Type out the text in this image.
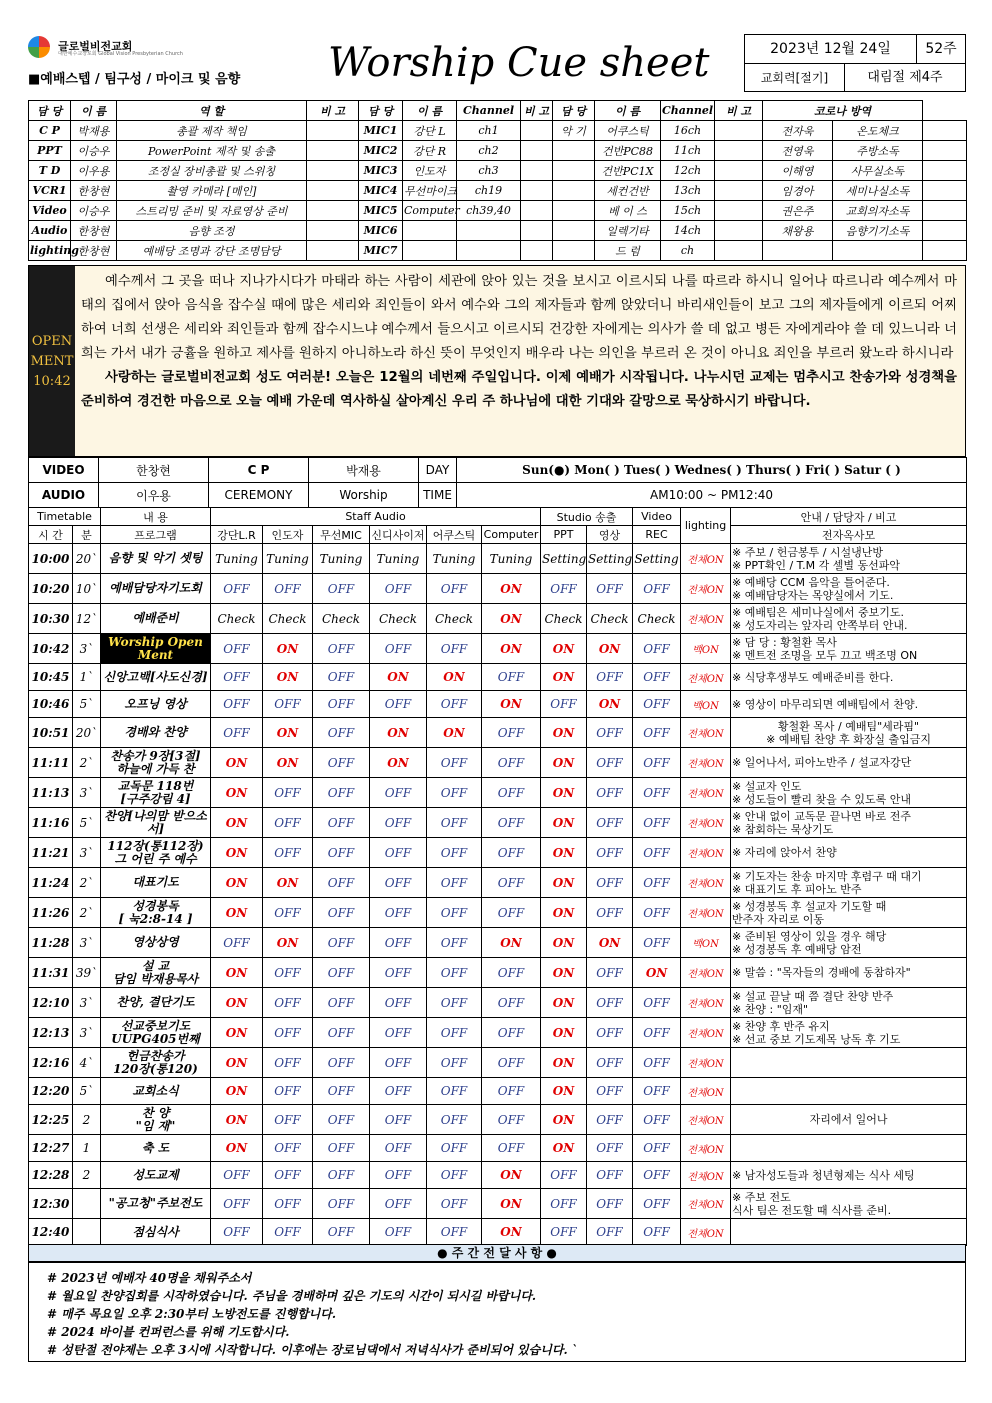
글로벌비전교회
대한예수교장로회 Global Vision Presbyterian Church
■예배스텝 / 팀구성 / 마이크 및 음향 Worship Cue sheet	2023년 12월 24일	52주
교회력[절기]	대림절 제4주
담 당	이 름	역 할	비 고	담 당	이 름	Channel	비 고	담 당	이 름	Channel	비 고	코로나 방역		
C P	박재용	총괄 제작 책임		MIC1	강단 L	ch1		악 기	어쿠스틱	16ch		전자욱	온도체크	
PPT	이승우	PowerPoint 제작 및 송출		MIC2	강단 R	ch2			건반PC88	11ch		전영욱	주방소독	
T D	이우용	조정실 장비총괄 및 스위칭		MIC3	인도자	ch3			건반PC1X	12ch		이해영	사무실소독	
VCR1	한창현	촬영 카메라 [메인]		MIC4	무선마이크	ch19			세컨건반	13ch		임경아	세미나실소독	
Video	이승우	스트리밍 준비 및 자료영상 준비		MIC5	Computer	ch39,40			베 이 스	15ch		권은주	교회의자소독	
Audio	한창현	음향 조정		MIC6					일렉기타	14ch		채왕용	음향기기소독	
lighting	한창현	예배당 조명과 강단 조명담당		MIC7					드 럼	ch				
OPEN
MENT
10:42

예수께서 그 곳을 떠나 지나가시다가 마태라 하는 사람이 세관에 앉아 있는 것을 보시고 이르시되 나를 따르라 하시니 일어나 따르니라 예수께서 마태의 집에서 앉아 음식을 잡수실 때에 많은 세리와 죄인들이 와서 예수와 그의 제자들과 함께 앉았더니 바리새인들이 보고 그의 제자들에게 이르되 어찌하여 너희 선생은 세리와 죄인들과 함께 잡수시느냐 예수께서 들으시고 이르시되 건강한 자에게는 의사가 쓸 데 없고 병든 자에게라야 쓸 데 있느니라 너희는 가서 내가 긍휼을 원하고 제사를 원하지 아니하노라 하신 뜻이 무엇인지 배우라 나는 의인을 부르러 온 것이 아니요 죄인을 부르러 왔노라 하시니라

사랑하는 글로벌비전교회 성도 여러분! 오늘은 12월의 네번째 주일입니다. 이제 예배가 시작됩니다. 나누시던 교제는 멈추시고 찬송가와 성경책을 준비하여 경건한 마음으로 오늘 예배 가운데 역사하실 살아계신 우리 주 하나님에 대한 기대와 갈망으로 묵상하시기 바랍니다.

VIDEO	한창현	C P	박재용	DAY	Sun(●) Mon( ) Tues( ) Wednes( ) Thurs( ) Fri( ) Satur ( )
AUDIO	이우용	CEREMONY	Worship	TIME	AM10:00 ~ PM12:40
Timetable		내 용	Staff Audio						Studio 송출		Video	lighting	안내 / 담당자 / 비고
시 간	분	프로그램	강단L.R	인도자	무선MIC	신디사이저	어쿠스틱	Computer	PPT	영상	REC		전자옥사모
10:00	20`	음향 및 악기 셋팅	Tuning	Tuning	Tuning	Tuning	Tuning	Tuning	Setting	Setting	Setting	전체ON	※ 주보 / 헌금봉투 / 시설냉난방
※ PPT확인 / T.M 각 셀별 동선파악
10:20	10`	예배담당자기도회	OFF	OFF	OFF	OFF	OFF	ON	OFF	OFF	OFF	전체ON	※ 예배당 CCM 음악을 틀어준다.
※ 예배담당자는 목양실에서 기도.
10:30	12`	예배준비	Check	Check	Check	Check	Check	ON	Check	Check	Check	전체ON	※ 예배팀은 세미나실에서 중보기도.
※ 성도자리는 앞자리 안쪽부터 안내.
10:42	3`	Worship Open Ment	OFF	ON	OFF	OFF	OFF	ON	ON	ON	OFF	백ON	※ 담 당 : 황철환 목사
※ 멘트전 조명을 모두 끄고 백조명 ON
10:45	1`	신앙고백[사도신경]	OFF	ON	OFF	ON	ON	OFF	ON	OFF	OFF	전체ON	※ 식당후생부도 예배준비를 한다.
10:46	5`	오프닝 영상	OFF	OFF	OFF	OFF	OFF	ON	OFF	ON	OFF	백ON	※ 영상이 마무리되면 예배팀에서 찬양.
10:51	20`	경배와 찬양	OFF	ON	OFF	ON	ON	OFF	ON	OFF	OFF	전체ON	황철환 목사 / 예배팀"세라핌"
※ 예배팀 찬양 후 화장실 출입금지
11:11	2`	찬송가 9장[3절]
하늘에 가득 찬	ON	ON	OFF	ON	OFF	OFF	ON	OFF	OFF	전체ON	※ 일어나서, 피아노반주 / 설교자강단
11:13	3`	교독문 118번
[구주강림 4]	ON	OFF	OFF	OFF	OFF	OFF	ON	OFF	OFF	전체ON	※ 설교자 인도
※ 성도들이 빨리 찾을 수 있도록 안내
11:16	5`	찬양[나의맘 받으소서]	ON	OFF	OFF	OFF	OFF	OFF	ON	OFF	OFF	전체ON	※ 안내 없이 교독문 끝나면 바로 전주
※ 참회하는 묵상기도
11:21	3`	112장(통112장)
그 어린 주 예수	ON	OFF	OFF	OFF	OFF	OFF	ON	OFF	OFF	전체ON	※ 자리에 앉아서 찬양
11:24	2`	대표기도	ON	ON	OFF	OFF	OFF	OFF	ON	OFF	OFF	전체ON	※ 기도자는 찬송 마지막 후렴구 때 대기
※ 대표기도 후 피아노 반주
11:26	2`	성경봉독
[ 눅2:8-14 ]	ON	OFF	OFF	OFF	OFF	OFF	ON	OFF	OFF	전체ON	※ 성경봉독 후 설교자 기도할 때
반주자 자리로 이동
11:28	3`	영상상영	OFF	ON	OFF	OFF	OFF	ON	ON	ON	OFF	백ON	※ 준비된 영상이 있을 경우 해당
※ 성경봉독 후 예배당 암전
11:31	39`	설 교
담임 박재용목사	ON	OFF	OFF	OFF	OFF	OFF	ON	OFF	ON	전체ON	※ 말씀 : "목자들의 경배에 동참하자"
12:10	3`	찬양, 결단기도	ON	OFF	OFF	OFF	OFF	OFF	ON	OFF	OFF	전체ON	※ 설교 끝날 때 쯤 결단 찬양 반주
※ 찬양 : "임재"
12:13	3`	선교중보기도
UUPG405번째	ON	OFF	OFF	OFF	OFF	OFF	ON	OFF	OFF	전체ON	※ 찬양 후 반주 유지
※ 선교 중보 기도제목 낭독 후 기도
12:16	4`	헌금찬송가
120장(통120)	ON	OFF	OFF	OFF	OFF	OFF	ON	OFF	OFF	전체ON	
12:20	5`	교회소식	ON	OFF	OFF	OFF	OFF	OFF	ON	OFF	OFF	전체ON	
12:25	2	찬 양
"임 재"	ON	OFF	OFF	OFF	OFF	OFF	ON	OFF	OFF	전체ON	자리에서 일어나
12:27	1	축 도	ON	OFF	OFF	OFF	OFF	OFF	ON	OFF	OFF	전체ON	
12:28	2	성도교제	OFF	OFF	OFF	OFF	OFF	ON	OFF	OFF	OFF	전체ON	※ 남자성도들과 청년형제는 식사 세팅
12:30		"공고청"주보전도	OFF	OFF	OFF	OFF	OFF	ON	OFF	OFF	OFF	전체ON	※ 주보 전도
식사 팀은 전도할 때 식사를 준비.
12:40		점심식사	OFF	OFF	OFF	OFF	OFF	ON	OFF	OFF	OFF	전체ON	
● 주 간 전 달 사 항 ●
# 2023년 예배자 40명을 채워주소서
# 월요일 찬양집회를 시작하였습니다. 주님을 경배하며 깊은 기도의 시간이 되시길 바랍니다.
# 매주 목요일 오후 2:30부터 노방전도를 진행합니다.
# 2024 바이블 컨퍼런스를 위해 기도합시다.
# 성탄절 전야제는 오후 3시에 시작합니다. 이후에는 장로님댁에서 저녁식사가 준비되어 있습니다. `
